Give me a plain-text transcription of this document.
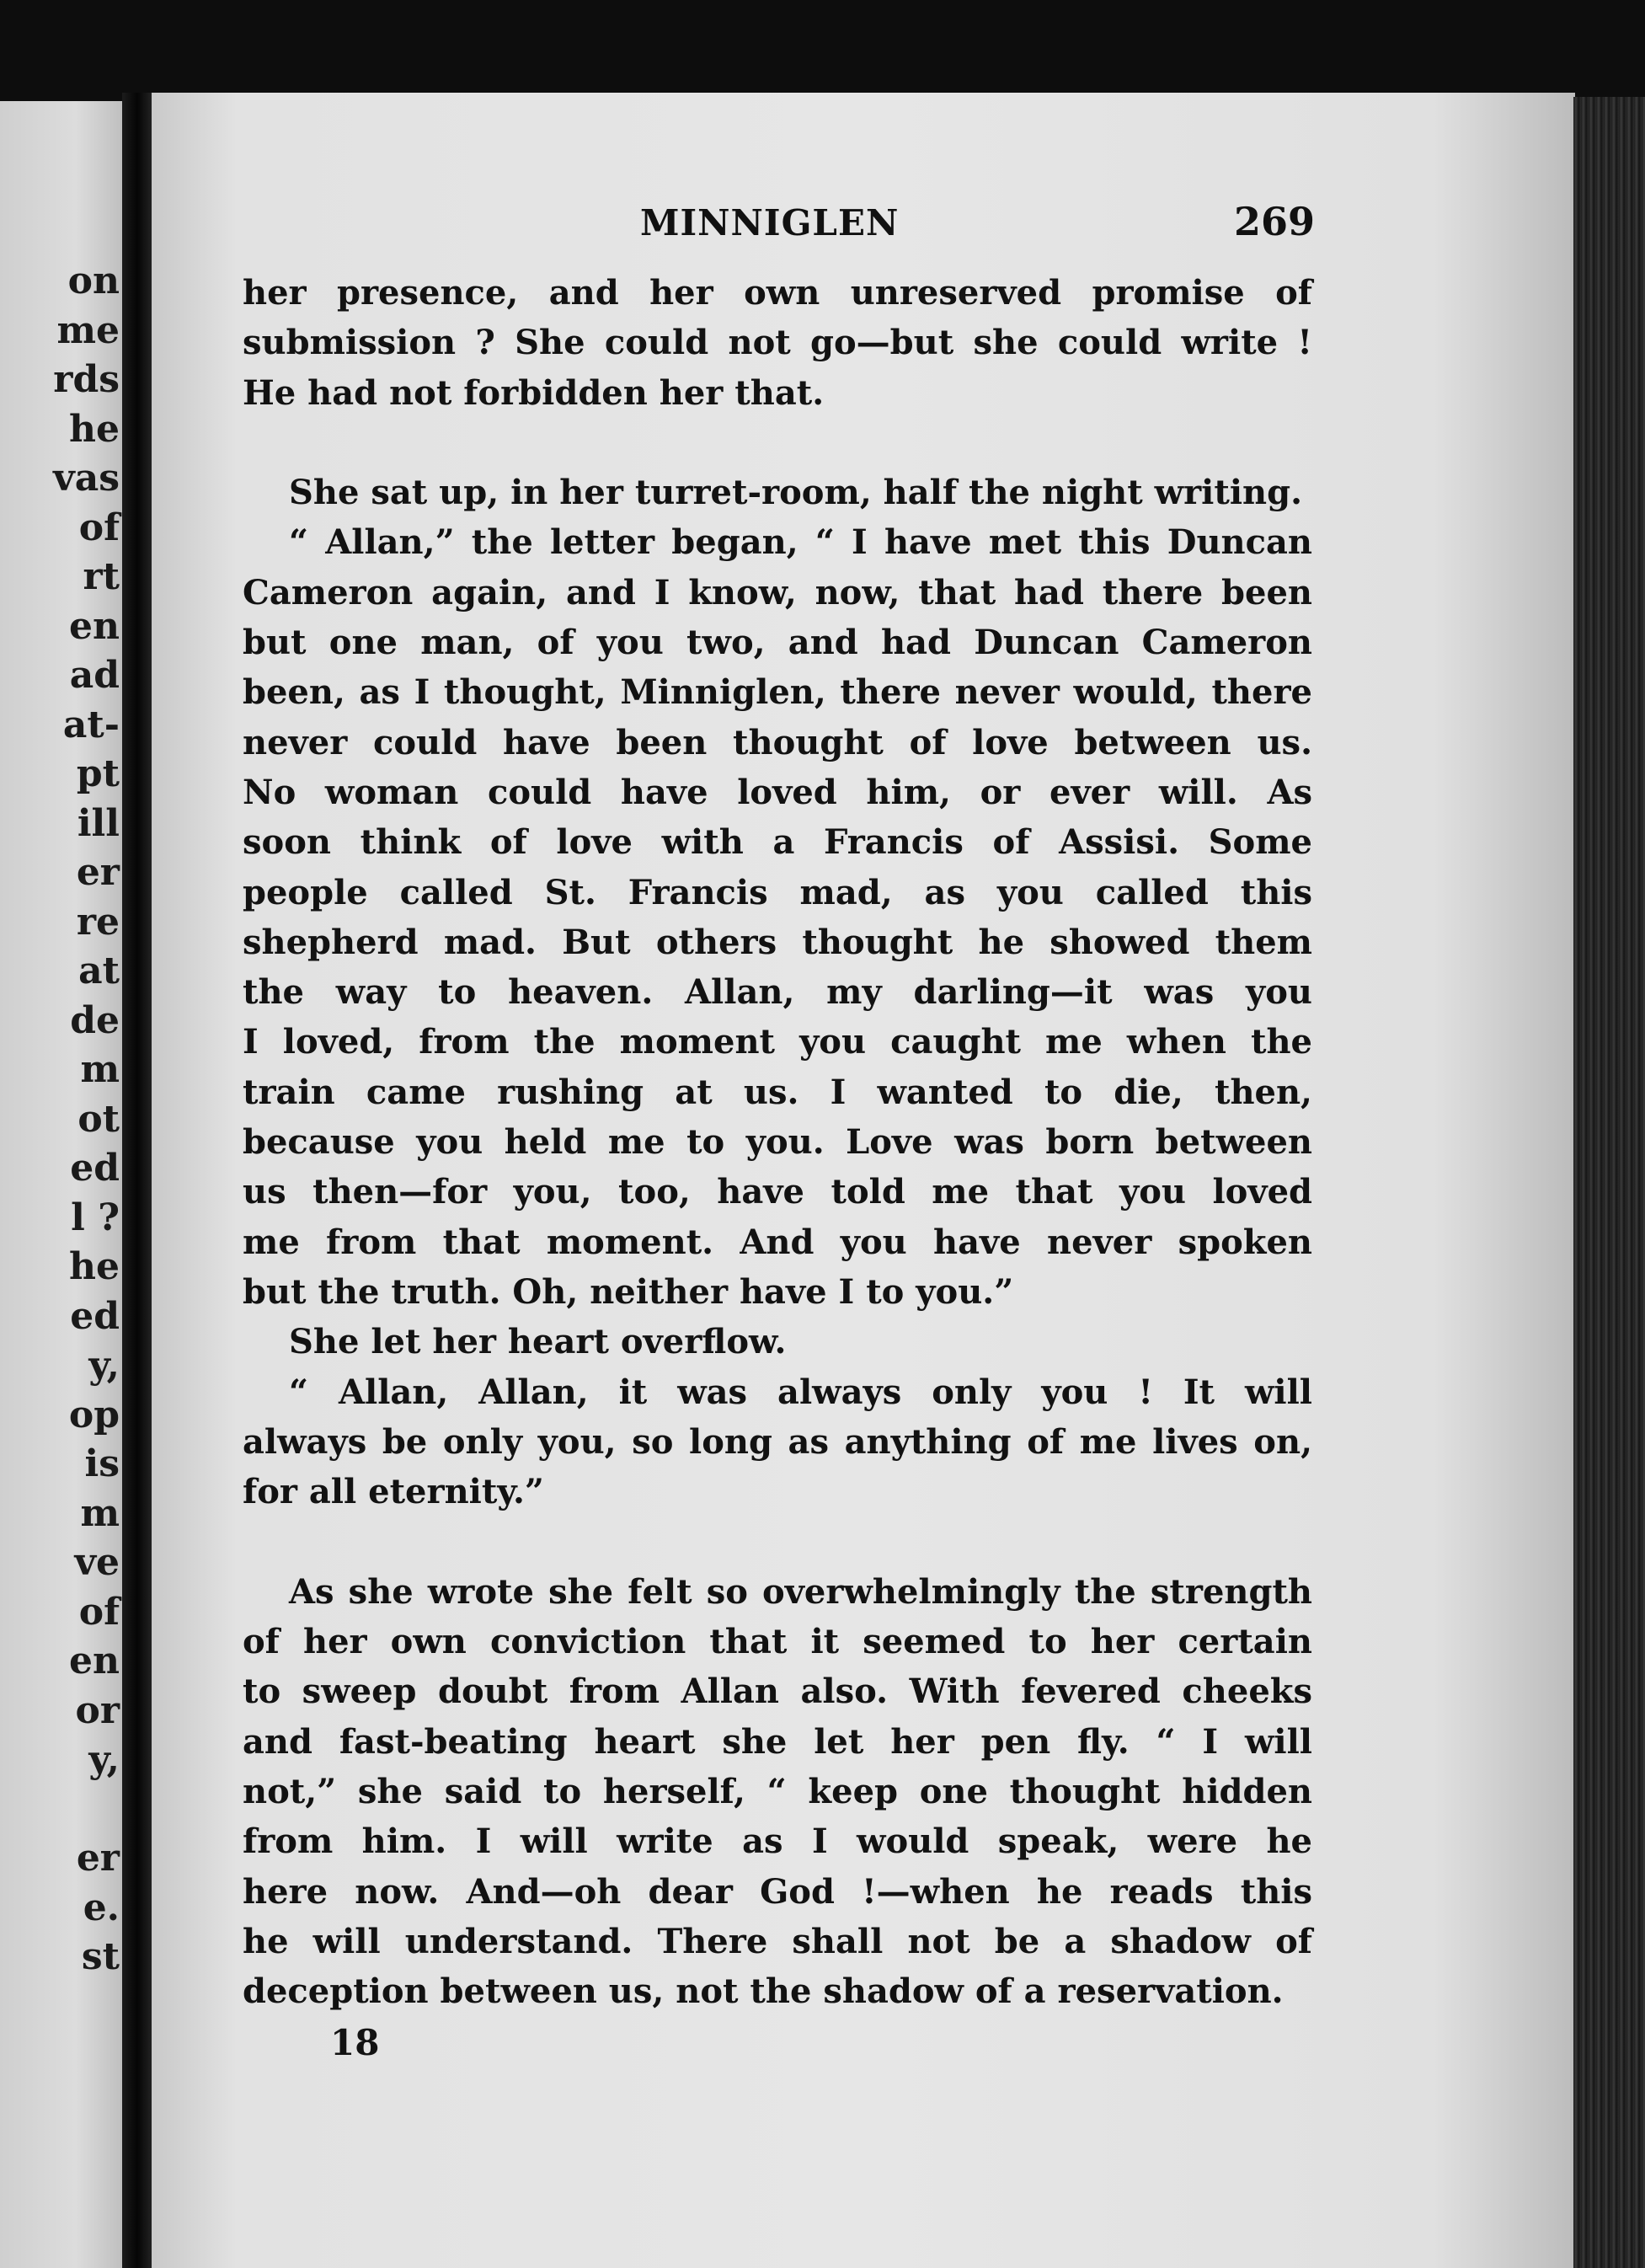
on
me
rds
he
vas
of
rt
en
ad
at-
pt
ill
er
re
at
de
m
ot
ed
l ?
he
ed
y,
op
is
m
ve
of
en
or
y,
er
e.
st
MINNIGLEN	269
her presence, and her own unreserved promise of
submission ? She could not go—but she could write !
He had not forbidden her that.
She sat up, in her turret-room, half the night writing.
“ Allan,” the letter began, “ I have met this Duncan
Cameron again, and I know, now, that had there been
but one man, of you two, and had Duncan Cameron
been, as I thought, Minniglen, there never would, there
never could have been thought of love between us.
No woman could have loved him, or ever will. As
soon think of love with a Francis of Assisi. Some
people called St. Francis mad, as you called this
shepherd mad. But others thought he showed them
the way to heaven. Allan, my darling—it was you
I loved, from the moment you caught me when the
train came rushing at us. I wanted to die, then,
because you held me to you. Love was born between
us then—for you, too, have told me that you loved
me from that moment. And you have never spoken
but the truth. Oh, neither have I to you.”
She let her heart overflow.
“ Allan, Allan, it was always only you ! It will
always be only you, so long as anything of me lives on,
for all eternity.”
As she wrote she felt so overwhelmingly the strength
of her own conviction that it seemed to her certain
to sweep doubt from Allan also. With fevered cheeks
and fast-beating heart she let her pen fly. “ I will
not,” she said to herself, “ keep one thought hidden
from him. I will write as I would speak, were he
here now. And—oh dear God !—when he reads this
he will understand. There shall not be a shadow of
deception between us, not the shadow of a reservation.
18
